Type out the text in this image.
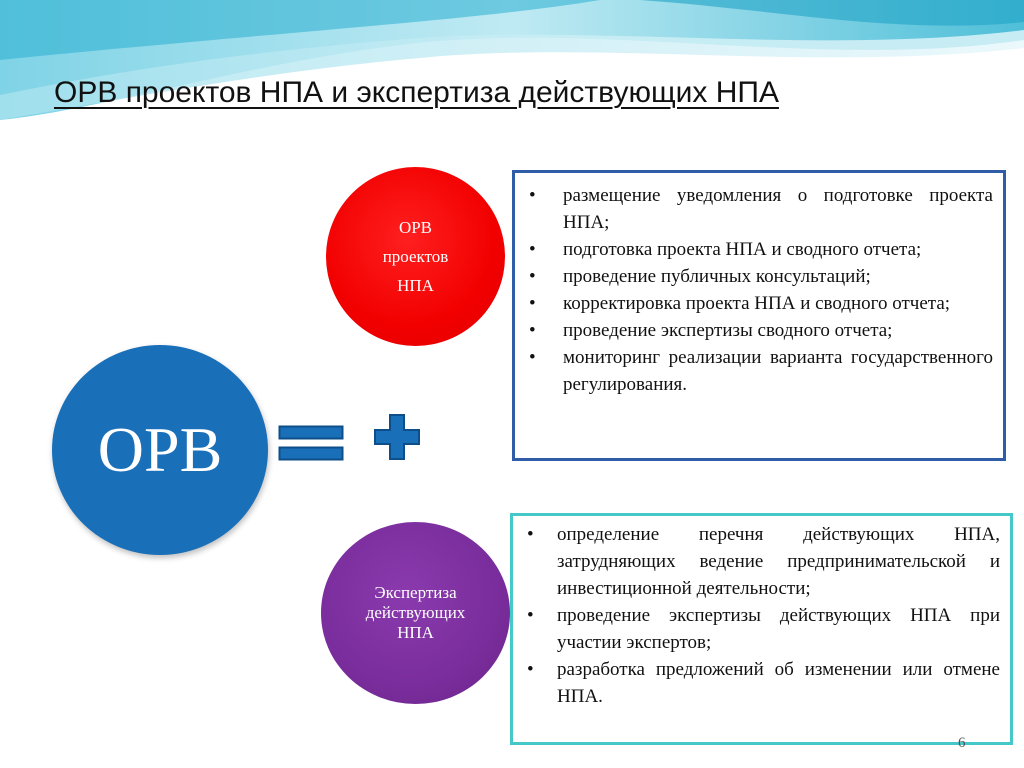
ОРВ проектов НПА и экспертиза действующих НПА
ОРВ
ОРВ
проектов
НПА
Экспертиза
действующих
НПА
• размещение уведомления о подготовке проекта НПА;
• подготовка проекта НПА и сводного отчета;
• проведение публичных консультаций;
• корректировка проекта НПА и сводного отчета;
• проведение экспертизы сводного отчета;
• мониторинг реализации варианта государственного регулирования.
• определение перечня действующих НПА, затрудняющих ведение предпринимательской и инвестиционной деятельности;
• проведение экспертизы действующих НПА при участии экспертов;
• разработка предложений об изменении или отмене НПА.
6
